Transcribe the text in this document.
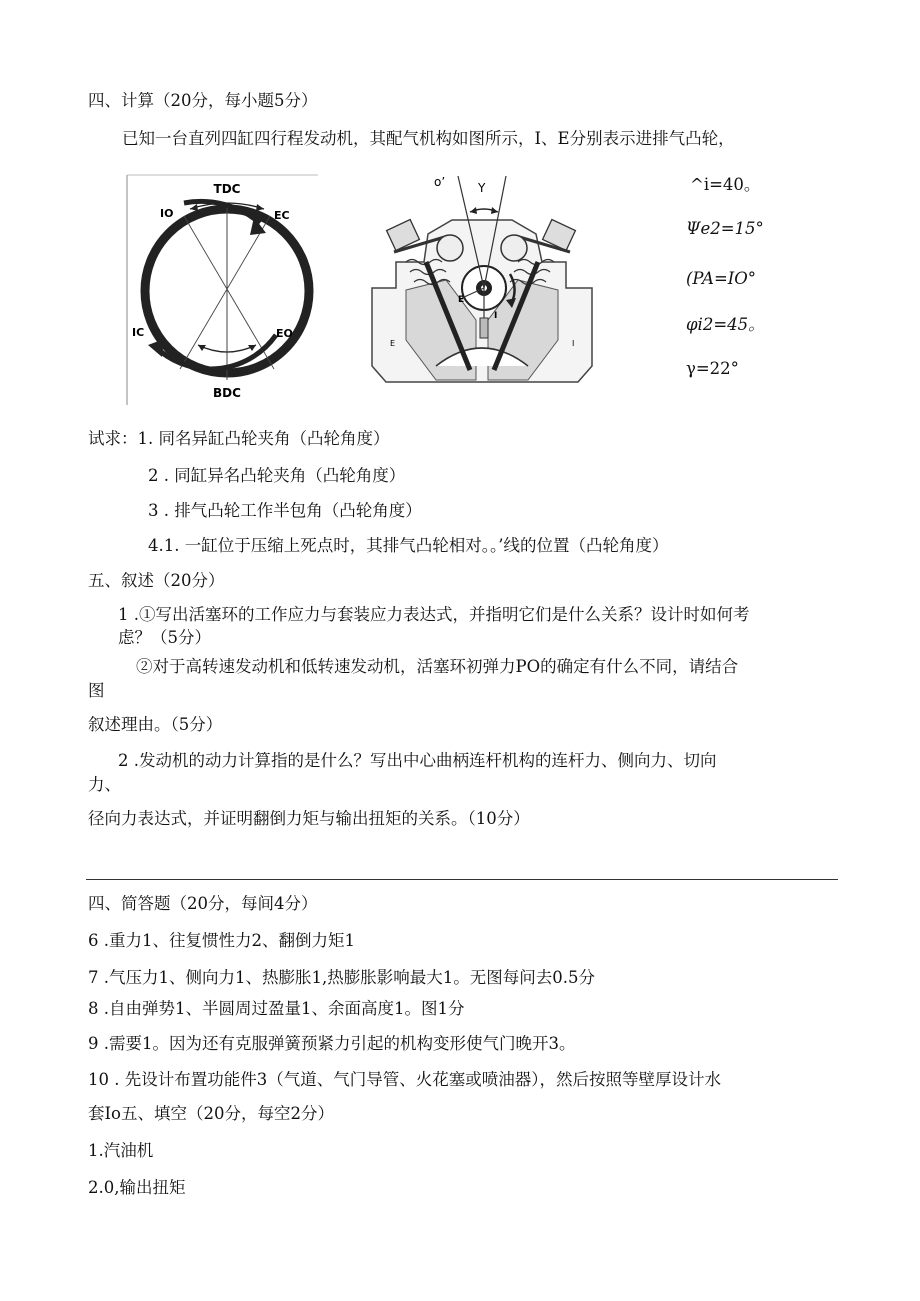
四、计算（20分，每小题5分）
已知一台直列四缸四行程发动机，其配气机构如图所示，I、E分别表示进排气凸轮，
TDC
IO	EC
IC	EO
BDC
o’	Y
E
I
E	I
^i=40。
Ψe2=15°
(PA=IO°
φi2=45。
γ=22°
试求：1. 同名异缸凸轮夹角（凸轮角度）
2 . 同缸异名凸轮夹角（凸轮角度）
3 . 排气凸轮工作半包角（凸轮角度）
4.1. 一缸位于压缩上死点时，其排气凸轮相对。。’线的位置（凸轮角度）
五、叙述（20分）
1 .①写出活塞环的工作应力与套装应力表达式，并指明它们是什么关系？设计时如何考
虑？（5分）
②对于高转速发动机和低转速发动机，活塞环初弹力PO的确定有什么不同，请结合
图
叙述理由。（5分）
2 .发动机的动力计算指的是什么？写出中心曲柄连杆机构的连杆力、侧向力、切向
力、
径向力表达式，并证明翻倒力矩与输出扭矩的关系。（10分）
四、简答题（20分，每间4分）
6 .重力1、往复惯性力2、翻倒力矩1
7 .气压力1、侧向力1、热膨胀1,热膨胀影响最大1。无图每问去0.5分
8 .自由弹势1、半圆周过盈量1、余面高度1。图1分
9 .需要1。因为还有克服弹簧预紧力引起的机构变形使气门晚开3。
10 . 先设计布置功能件3（气道、气门导管、火花塞或喷油器），然后按照等壁厚设计水
套Io五、填空（20分，每空2分）
1.汽油机
2.0,输出扭矩
